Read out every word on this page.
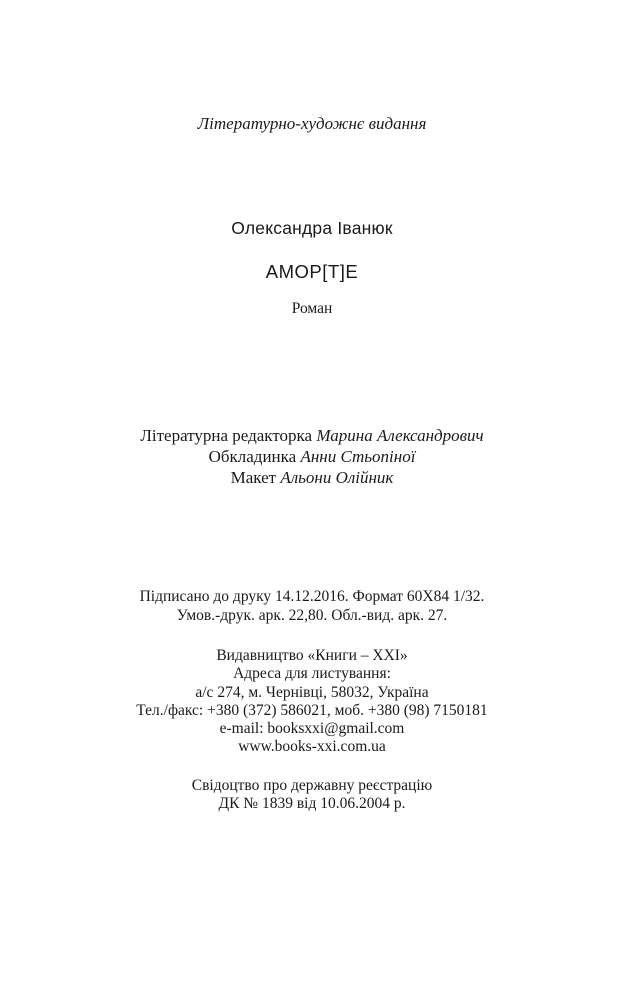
Літературно-художнє видання
Олександра Іванюк
АМОР[Т]Е
Роман
Літературна редакторка Марина Александрович
Обкладинка Анни Стьопіної
Макет Альони Олійник
Підписано до друку 14.12.2016. Формат 60Х84 1/32.
Умов.-друк. арк. 22,80. Обл.-вид. арк. 27.
Видавництво «Книги – ХХІ»
Адреса для листування:
а/с 274, м. Чернівці, 58032, Україна
Тел./факс: +380 (372) 586021, моб. +380 (98) 7150181
e-mail: booksxxi@gmail.com
www.books-xxi.com.ua
Свідоцтво про державну реєстрацію
ДК № 1839 від 10.06.2004 р.
